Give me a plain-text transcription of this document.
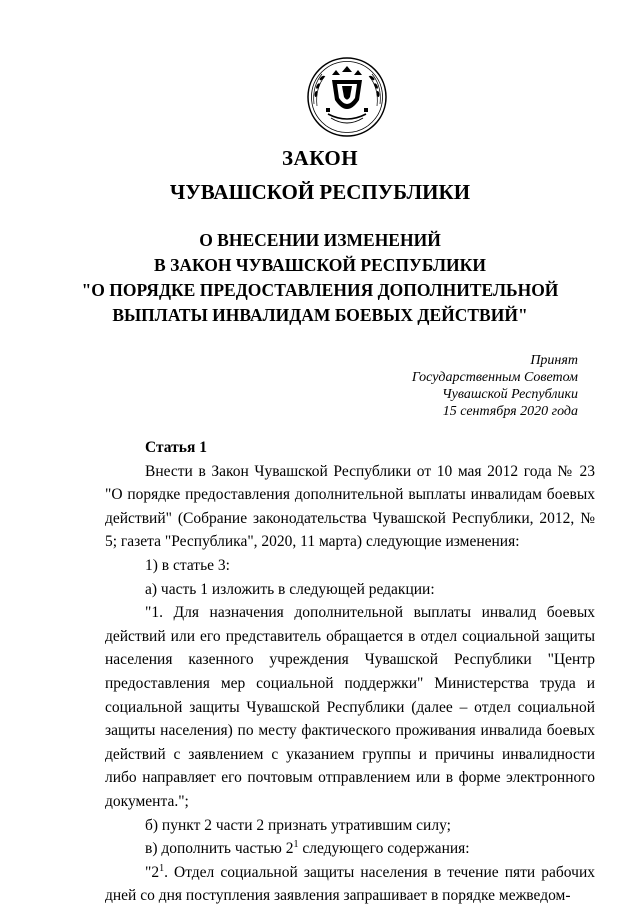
ЗАКОН
ЧУВАШСКОЙ РЕСПУБЛИКИ
О ВНЕСЕНИИ ИЗМЕНЕНИЙ
В ЗАКОН ЧУВАШСКОЙ РЕСПУБЛИКИ
"О ПОРЯДКЕ ПРЕДОСТАВЛЕНИЯ ДОПОЛНИТЕЛЬНОЙ
ВЫПЛАТЫ ИНВАЛИДАМ БОЕВЫХ ДЕЙСТВИЙ"
Принят
Государственным Советом
Чувашской Республики
15 сентября 2020 года

Статья 1

Внести в Закон Чувашской Республики от 10 мая 2012 года № 23 "О порядке предоставления дополнительной выплаты инвалидам боевых действий" (Собрание законодательства Чувашской Республики, 2012, № 5; газета "Республика", 2020, 11 марта) следующие изменения:

1) в статье 3:

а) часть 1 изложить в следующей редакции:

"1. Для назначения дополнительной выплаты инвалид боевых действий или его представитель обращается в отдел социальной защиты населения казенного учреждения Чувашской Республики "Центр предоставления мер социальной поддержки" Министерства труда и социальной защиты Чувашской Республики (далее – отдел социальной защиты населения) по месту фактического проживания инвалида боевых действий с заявлением с указанием группы и причины инвалидности либо направляет его почтовым отправлением или в форме электронного документа.";

б) пункт 2 части 2 признать утратившим силу;

в) дополнить частью $2^1$ следующего содержания:

"$2^1$. Отдел социальной защиты населения в течение пяти рабочих дней со дня поступления заявления запрашивает в порядке межведом-
